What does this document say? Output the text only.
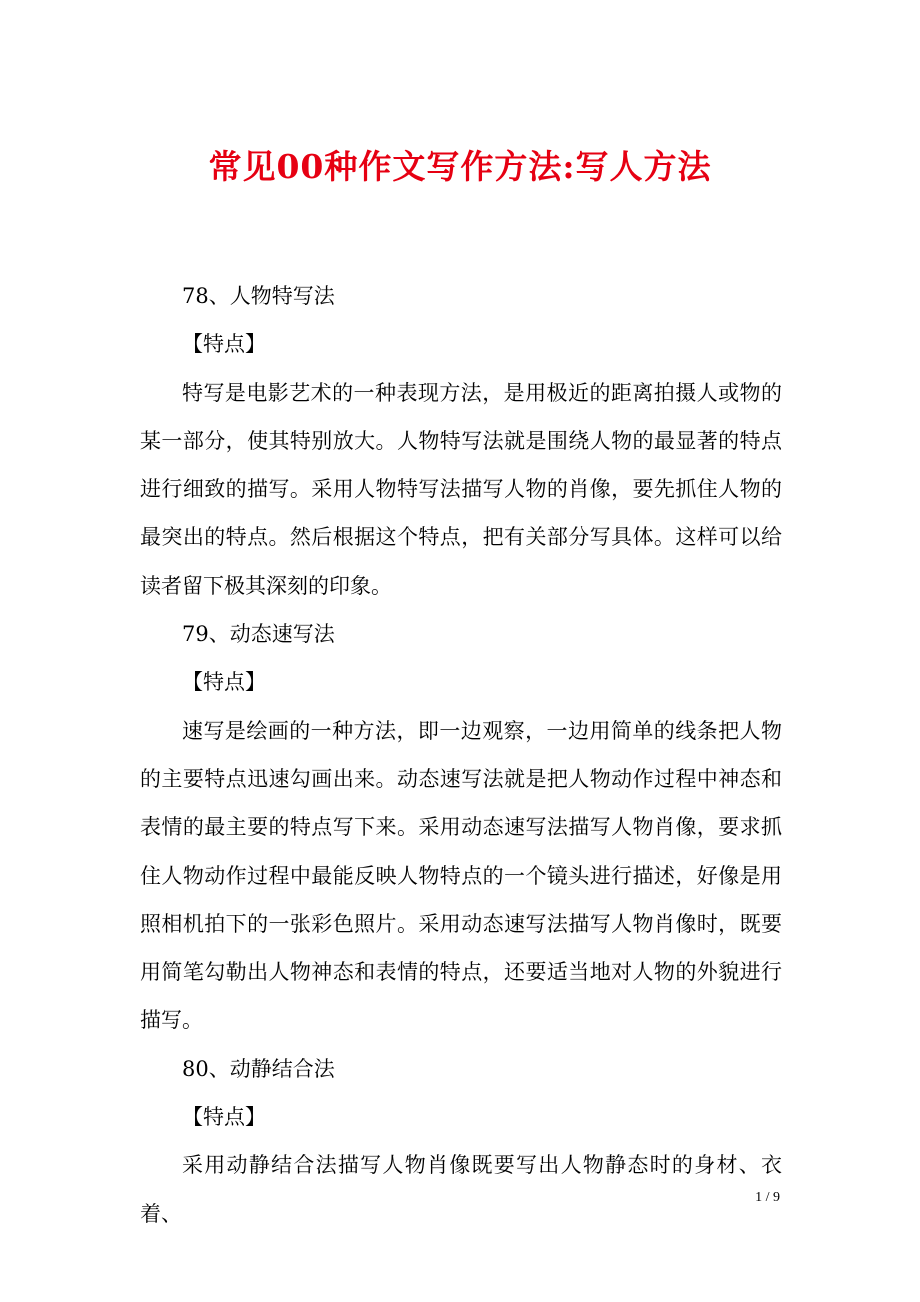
常见00种作文写作方法:写人方法

78、人物特写法

【特点】

特写是电影艺术的一种表现方法，是用极近的距离拍摄人或物的某一部分，使其特别放大。人物特写法就是围绕人物的最显著的特点进行细致的描写。采用人物特写法描写人物的肖像，要先抓住人物的最突出的特点。然后根据这个特点，把有关部分写具体。这样可以给读者留下极其深刻的印象。

79、动态速写法

【特点】

速写是绘画的一种方法，即一边观察，一边用简单的线条把人物的主要特点迅速勾画出来。动态速写法就是把人物动作过程中神态和表情的最主要的特点写下来。采用动态速写法描写人物肖像，要求抓住人物动作过程中最能反映人物特点的一个镜头进行描述，好像是用照相机拍下的一张彩色照片。采用动态速写法描写人物肖像时，既要用简笔勾勒出人物神态和表情的特点，还要适当地对人物的外貌进行描写。

80、动静结合法

【特点】

采用动静结合法描写人物肖像既要写出人物静态时的身材、衣着、

1 / 9
